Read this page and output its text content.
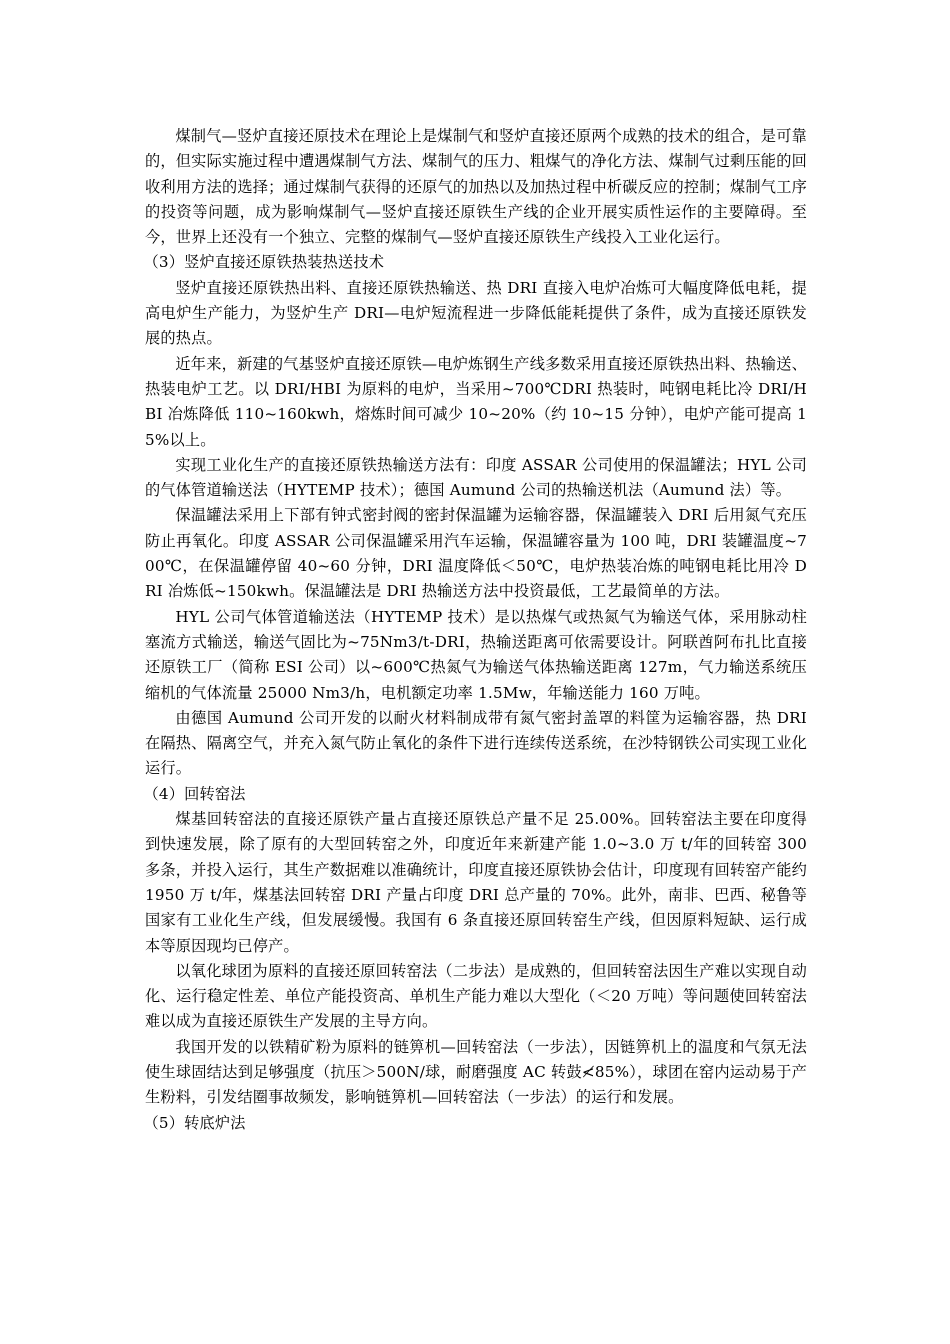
煤制气—竖炉直接还原技术在理论上是煤制气和竖炉直接还原两个成熟的技术的组合，是可靠的，但实际实施过程中遭遇煤制气方法、煤制气的压力、粗煤气的净化方法、煤制气过剩压能的回收利用方法的选择；通过煤制气获得的还原气的加热以及加热过程中析碳反应的控制；煤制气工序的投资等问题，成为影响煤制气—竖炉直接还原铁生产线的企业开展实质性运作的主要障碍。至今，世界上还没有一个独立、完整的煤制气—竖炉直接还原铁生产线投入工业化运行。

（3）竖炉直接还原铁热装热送技术

竖炉直接还原铁热出料、直接还原铁热输送、热 DRI 直接入电炉冶炼可大幅度降低电耗，提高电炉生产能力，为竖炉生产 DRI—电炉短流程进一步降低能耗提供了条件，成为直接还原铁发展的热点。

近年来，新建的气基竖炉直接还原铁—电炉炼钢生产线多数采用直接还原铁热出料、热输送、热装电炉工艺。以 DRI/HBI 为原料的电炉，当采用~700℃DRI 热装时，吨钢电耗比冷 DRI/HBI 冶炼降低 110~160kwh，熔炼时间可减少 10~20%（约 10~15 分钟），电炉产能可提高 15%以上。

实现工业化生产的直接还原铁热输送方法有：印度 ASSAR 公司使用的保温罐法；HYL 公司的气体管道输送法（HYTEMP 技术）；德国 Aumund 公司的热输送机法（Aumund 法）等。

保温罐法采用上下部有钟式密封阀的密封保温罐为运输容器，保温罐装入 DRI 后用氮气充压防止再氧化。印度 ASSAR 公司保温罐采用汽车运输，保温罐容量为 100 吨，DRI 装罐温度~700℃，在保温罐停留 40~60 分钟，DRI 温度降低＜50℃，电炉热装冶炼的吨钢电耗比用冷 DRI 冶炼低~150kwh。保温罐法是 DRI 热输送方法中投资最低，工艺最简单的方法。

HYL 公司气体管道输送法（HYTEMP 技术）是以热煤气或热氮气为输送气体，采用脉动柱塞流方式输送，输送气固比为~75Nm3/t-DRI，热输送距离可依需要设计。阿联酋阿布扎比直接还原铁工厂（简称 ESI 公司）以~600℃热氮气为输送气体热输送距离 127m，气力输送系统压缩机的气体流量 25000 Nm3/h，电机额定功率 1.5Mw，年输送能力 160 万吨。

由德国 Aumund 公司开发的以耐火材料制成带有氮气密封盖罩的料筐为运输容器，热 DRI 在隔热、隔离空气，并充入氮气防止氧化的条件下进行连续传送系统，在沙特钢铁公司实现工业化运行。

（4）回转窑法

煤基回转窑法的直接还原铁产量占直接还原铁总产量不足 25.00%。回转窑法主要在印度得到快速发展，除了原有的大型回转窑之外，印度近年来新建产能 1.0~3.0 万 t/年的回转窑 300 多条，并投入运行，其生产数据难以准确统计，印度直接还原铁协会估计，印度现有回转窑产能约 1950 万 t/年，煤基法回转窑 DRI 产量占印度 DRI 总产量的 70%。此外，南非、巴西、秘鲁等国家有工业化生产线，但发展缓慢。我国有 6 条直接还原回转窑生产线，但因原料短缺、运行成本等原因现均已停产。

以氧化球团为原料的直接还原回转窑法（二步法）是成熟的，但回转窑法因生产难以实现自动化、运行稳定性差、单位产能投资高、单机生产能力难以大型化（＜20 万吨）等问题使回转窑法难以成为直接还原铁生产发展的主导方向。

我国开发的以铁精矿粉为原料的链箅机—回转窑法（一步法），因链箅机上的温度和气氛无法使生球固结达到足够强度（抗压＞500N/球，耐磨强度 AC 转鼓≮85%），球团在窑内运动易于产生粉料，引发结圈事故频发，影响链箅机—回转窑法（一步法）的运行和发展。

（5）转底炉法
